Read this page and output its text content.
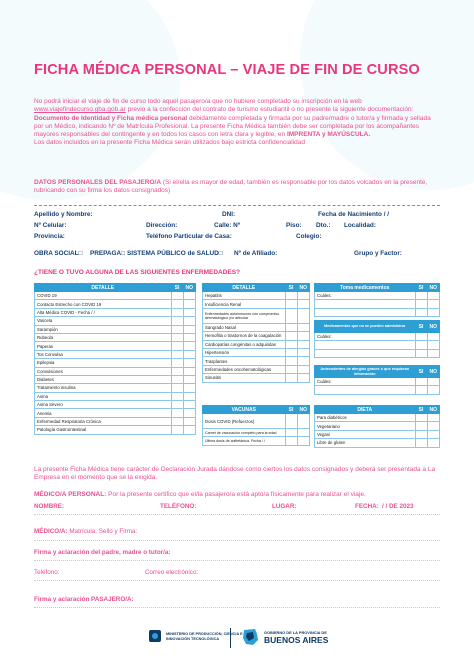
FICHA MÉDICA PERSONAL – VIAJE DE FIN DE CURSO
No podrá iniciar el viaje de fin de curso todo aquel pasajero/a que no hubiere completado su inscripción en la web www.viajefindecurso.gba.gob.ar previo a la confección del contrato de turismo estudiantil o no presente la siguiente documentación: Documento de Identidad y Ficha médica personal debidamente completada y firmada por su padre/madre o tutor/a y firmada y sellada por un Médico, indicando Nº de Matrícula Profesional. La presente Ficha Médica también debe ser completada por los acompañantes mayores responsables del contingente y en todos los casos con letra clara y legible, en IMPRENTA y MAYÚSCULA.
Los datos incluidos en la presente Ficha Médica serán utilizados bajo estricta confidencialidad
DATOS PERSONALES DEL PASAJERO/A (Si el/ella es mayor de edad, también es responsable por los datos volcados en la presente, rubricando con su firma los datos consignados)
Apellido y Nombre:	DNI:	Fecha de Nacimiento / /
Nº Celular:	Dirección:	Calle: Nº	Piso: Dto.: Localidad:
Provincia:	Teléfono Particular de Casa:	Colegio:
OBRA SOCIAL□ PREPAGA□ SISTEMA PÚBLICO de SALUD□ Nº de Afiliado:	Grupo y Factor:
¿TIENE O TUVO ALGUNA DE LAS SIGUIENTES ENFERMEDADES?
DETALLE	SI	NO
COVID 19		
Contacto Estrecho con COVID 19		
Alta Médica COVID - Fecha / /		
Varicela		
Sarampión		
Rubeola		
Paperas		
Tos Convulsa		
Epilepsia		
Convulsiones		
Diabetes		
Tratamiento insulina		
Asma		
Asma Severo		
Anemia		
Enfermedad Respiratoria Crónica		
Patología Gastrointestinal		
DETALLE	SI	NO
Hepatitis		
Insuficiencia Renal		
Enfermedades autoinmunes con compromiso dermatológico y/o articular		
Sangrado Nasal		
Hemofilia o trastornos de la coagulación		
Cardiopatías congénitas o adquiridas		
Hipertensión		
Trasplantes		
Enfermedades oncohematológicas		
Sinusitis		
VACUNAS	SI	NO
Dosis COVID (Refuerzos)		
Carnet de vacunación completo para la edad		
Última dosis de antitetánica. Fecha / /		
Toma medicamentos	SI	NO
Cuáles:		

Medicamentos que no se pueden administrar	SI	NO
Cuáles:		

Antecedentes de alergias graves o que requieran información	SI	NO
Cuáles:		

DIETA	SI	NO
Para diabéticos		
Vegetariano		
Vegani		
Libre de gluten		
La presente Ficha Médica tiene carácter de Declaración Jurada dándose como ciertos los datos consignados y deberá ser presentada a La Empresa en el momento que se la exigida.
MÉDICO/A PERSONAL: Por la presente certifico que el/la pasajero/a está apto/a físicamente para realizar el viaje.
NOMBRE:	TELÉFONO:	LUGAR:	FECHA: / / DE 2023
MÉDICO/A: Matrícula, Sello y Firma:
Firma y aclaración del padre, madre o tutor/a:
Teléfono:	Correo electrónico:
Firma y aclaración PASAJERO/A:
MINISTERIO DE PRODUCCIÓN, CIENCIA E INNOVACIÓN TECNOLÓGICA
GOBIERNO DE LA PROVINCIA DE
BUENOS AIRES
